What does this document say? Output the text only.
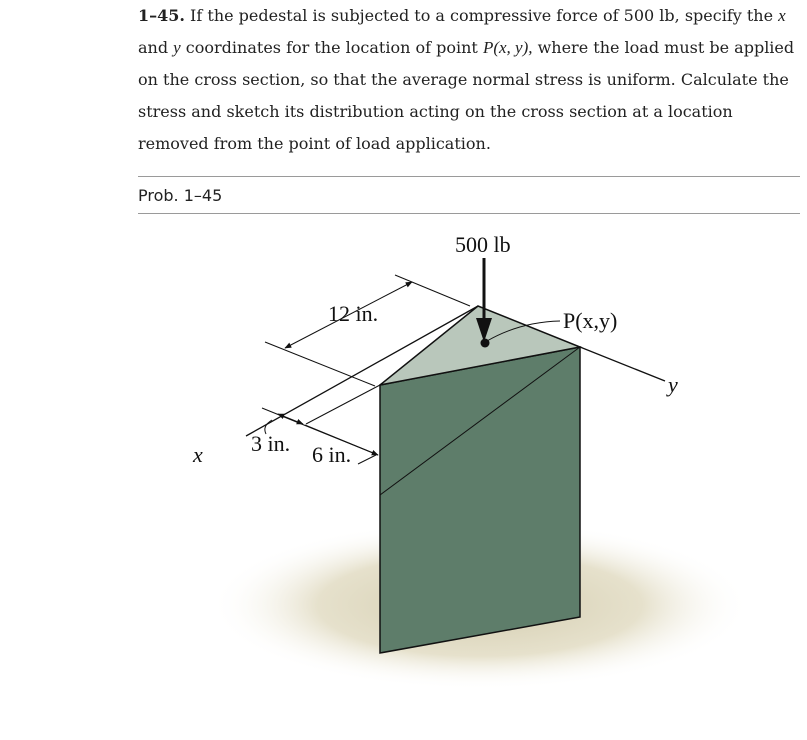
1–45. If the pedestal is subjected to a compressive force of 500 lb, specify the x
and y coordinates for the location of point P(x, y), where the load must be applied on the cross section, so that the average normal stress is uniform. Calculate the stress and sketch its distribution acting on the cross section at a location removed from the point of load application.
Prob. 1–45
500 lb
P(x,y)
12 in.
3 in. 6 in.
x
y
